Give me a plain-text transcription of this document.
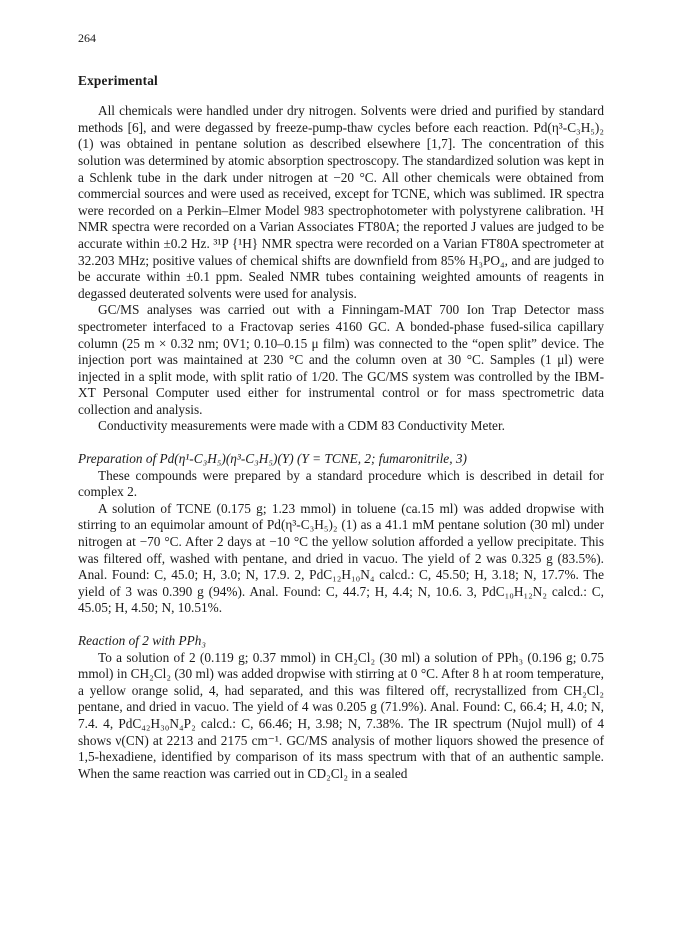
264
Experimental

All chemicals were handled under dry nitrogen. Solvents were dried and purified by standard methods [6], and were degassed by freeze-pump-thaw cycles before each reaction. Pd(η³-C₃H₅)₂ (1) was obtained in pentane solution as described elsewhere [1,7]. The concentration of this solution was determined by atomic absorption spectroscopy. The standardized solution was kept in a Schlenk tube in the dark under nitrogen at −20 °C. All other chemicals were obtained from commercial sources and were used as received, except for TCNE, which was sublimed. IR spectra were recorded on a Perkin–Elmer Model 983 spectrophotometer with polystyrene calibration. ¹H NMR spectra were recorded on a Varian Associates FT80A; the reported J values are judged to be accurate within ±0.2 Hz. ³¹P {¹H} NMR spectra were recorded on a Varian FT80A spectrometer at 32.203 MHz; positive values of chemical shifts are downfield from 85% H₃PO₄, and are judged to be accurate within ±0.1 ppm. Sealed NMR tubes containing weighted amounts of reagents in degassed deuterated solvents were used for analysis.

GC/MS analyses was carried out with a Finningam-MAT 700 Ion Trap Detector mass spectrometer interfaced to a Fractovap series 4160 GC. A bonded-phase fused-silica capillary column (25 m × 0.32 nm; 0V1; 0.10–0.15 μ film) was connected to the “open split” device. The injection port was maintained at 230 °C and the column oven at 30 °C. Samples (1 μl) were injected in a split mode, with split ratio of 1/20. The GC/MS system was controlled by the IBM-XT Personal Computer used either for instrumental control or for mass spectrometric data collection and analysis.

Conductivity measurements were made with a CDM 83 Conductivity Meter.

Preparation of Pd(η¹-C₃H₅)(η³-C₃H₅)(Y) (Y = TCNE, 2; fumaronitrile, 3)

These compounds were prepared by a standard procedure which is described in detail for complex 2.

A solution of TCNE (0.175 g; 1.23 mmol) in toluene (ca.15 ml) was added dropwise with stirring to an equimolar amount of Pd(η³-C₃H₅)₂ (1) as a 41.1 mM pentane solution (30 ml) under nitrogen at −70 °C. After 2 days at −10 °C the yellow solution afforded a yellow precipitate. This was filtered off, washed with pentane, and dried in vacuo. The yield of 2 was 0.325 g (83.5%). Anal. Found: C, 45.0; H, 3.0; N, 17.9. 2, PdC₁₂H₁₀N₄ calcd.: C, 45.50; H, 3.18; N, 17.7%. The yield of 3 was 0.390 g (94%). Anal. Found: C, 44.7; H, 4.4; N, 10.6. 3, PdC₁₀H₁₂N₂ calcd.: C, 45.05; H, 4.50; N, 10.51%.

Reaction of 2 with PPh₃

To a solution of 2 (0.119 g; 0.37 mmol) in CH₂Cl₂ (30 ml) a solution of PPh₃ (0.196 g; 0.75 mmol) in CH₂Cl₂ (30 ml) was added dropwise with stirring at 0 °C. After 8 h at room temperature, a yellow orange solid, 4, had separated, and this was filtered off, recrystallized from CH₂Cl₂ pentane, and dried in vacuo. The yield of 4 was 0.205 g (71.9%). Anal. Found: C, 66.4; H, 4.0; N, 7.4. 4, PdC₄₂H₃₀N₄P₂ calcd.: C, 66.46; H, 3.98; N, 7.38%. The IR spectrum (Nujol mull) of 4 shows ν(CN) at 2213 and 2175 cm⁻¹. GC/MS analysis of mother liquors showed the presence of 1,5-hexadiene, identified by comparison of its mass spectrum with that of an authentic sample. When the same reaction was carried out in CD₂Cl₂ in a sealed
